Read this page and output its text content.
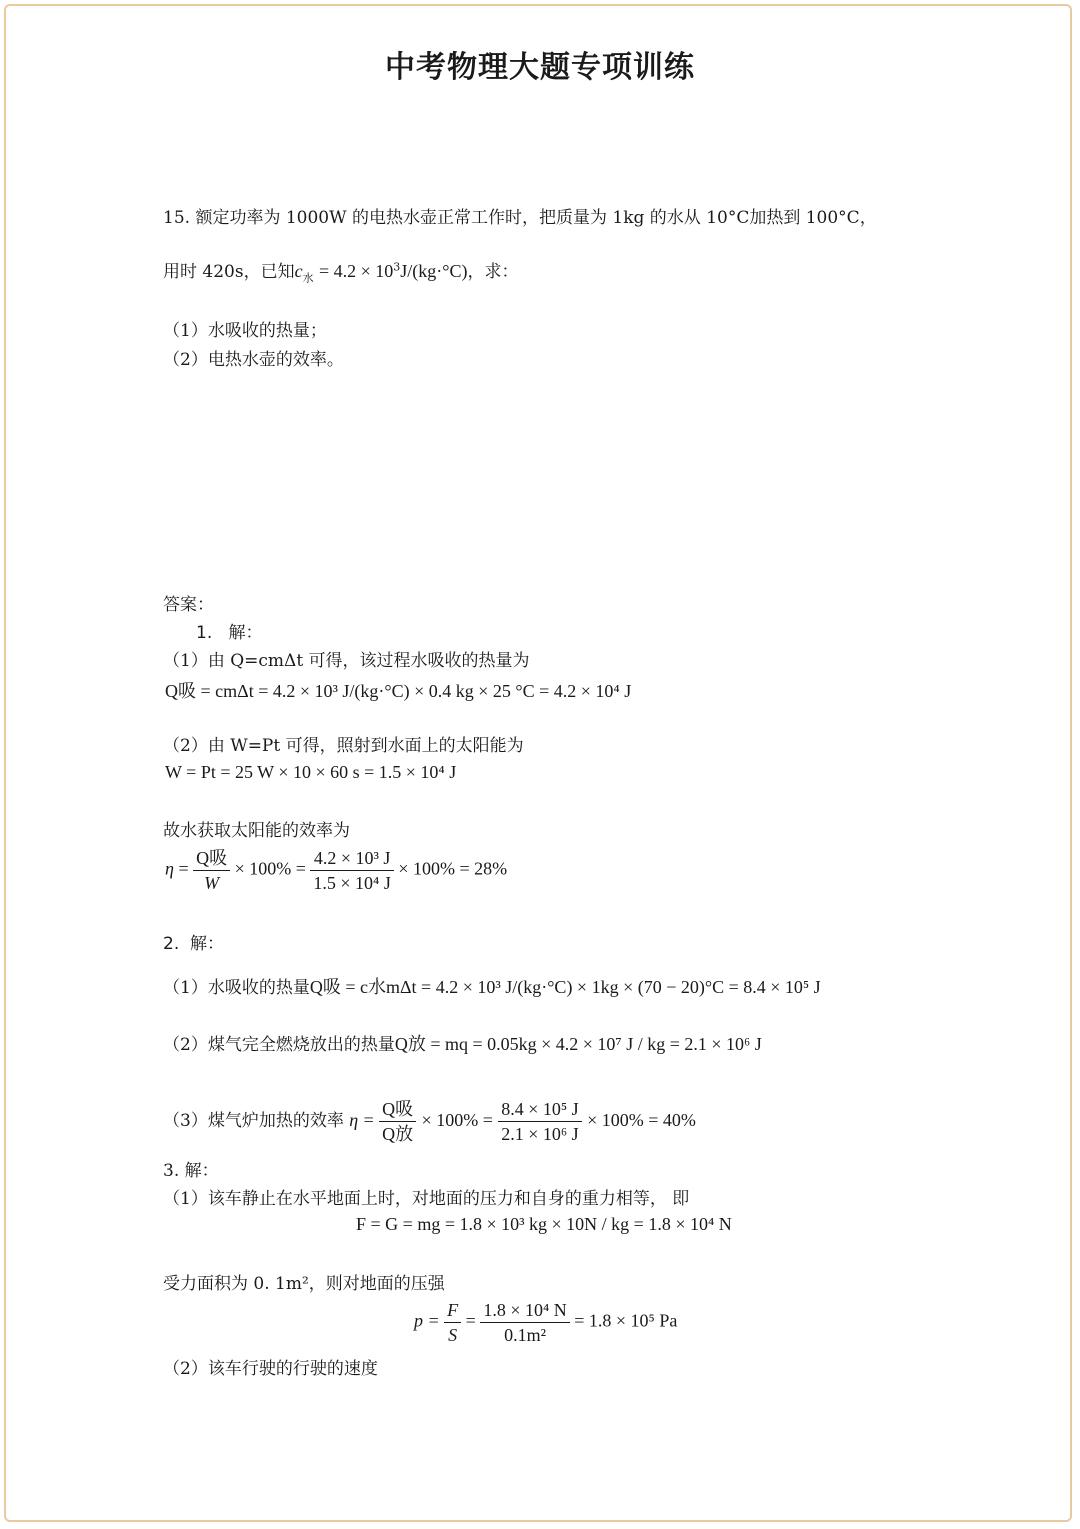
中考物理大题专项训练
15. 额定功率为 1000W 的电热水壶正常工作时，把质量为 1kg 的水从 10°C加热到 100°C，
用时 420s，已知$c_水 = 4.2 \times 10^3J/(kg\cdot^\circ C)$，求：
（1）水吸收的热量；
（2）电热水壶的效率。
答案：
1. 解：
（1）由 Q=cmΔt 可得，该过程水吸收的热量为
Q吸 = cmΔt = 4.2 × 10³ J/(kg·°C) × 0.4 kg × 25 °C = 4.2 × 10⁴ J
（2）由 W=Pt 可得，照射到水面上的太阳能为
W = Pt = 25 W × 10 × 60 s = 1.5 × 10⁴ J
故水获取太阳能的效率为
$\eta = \frac{\text{Q吸}}{W} \times 100\% = \frac{\text{4.2 × 10³ J}}{\text{1.5 × 10⁴ J}} \times 100\% = 28\%$
2. 解：
（1）水吸收的热量Q吸 = c水mΔt = 4.2 × 10³ J/(kg·°C) × 1kg × (70 − 20)°C = 8.4 × 10⁵ J
（2）煤气完全燃烧放出的热量Q放 = mq = 0.05kg × 4.2 × 10⁷ J / kg = 2.1 × 10⁶ J
（3）煤气炉加热的效率 $\eta = \frac{\text{Q吸}}{\text{Q放}} \times 100\% = \frac{\text{8.4 × 10⁵ J}}{\text{2.1 × 10⁶ J}} \times 100\% = 40\%$
3. 解：
（1）该车静止在水平地面上时，对地面的压力和自身的重力相等， 即
F = G = mg = 1.8 × 10³ kg × 10N / kg = 1.8 × 10⁴ N
受力面积为 0. 1m²，则对地面的压强
$p = \frac{F}{S} = \frac{\text{1.8 × 10⁴ N}}{\text{0.1m²}} = 1.8 \times 10^5$ Pa
（2）该车行驶的行驶的速度
